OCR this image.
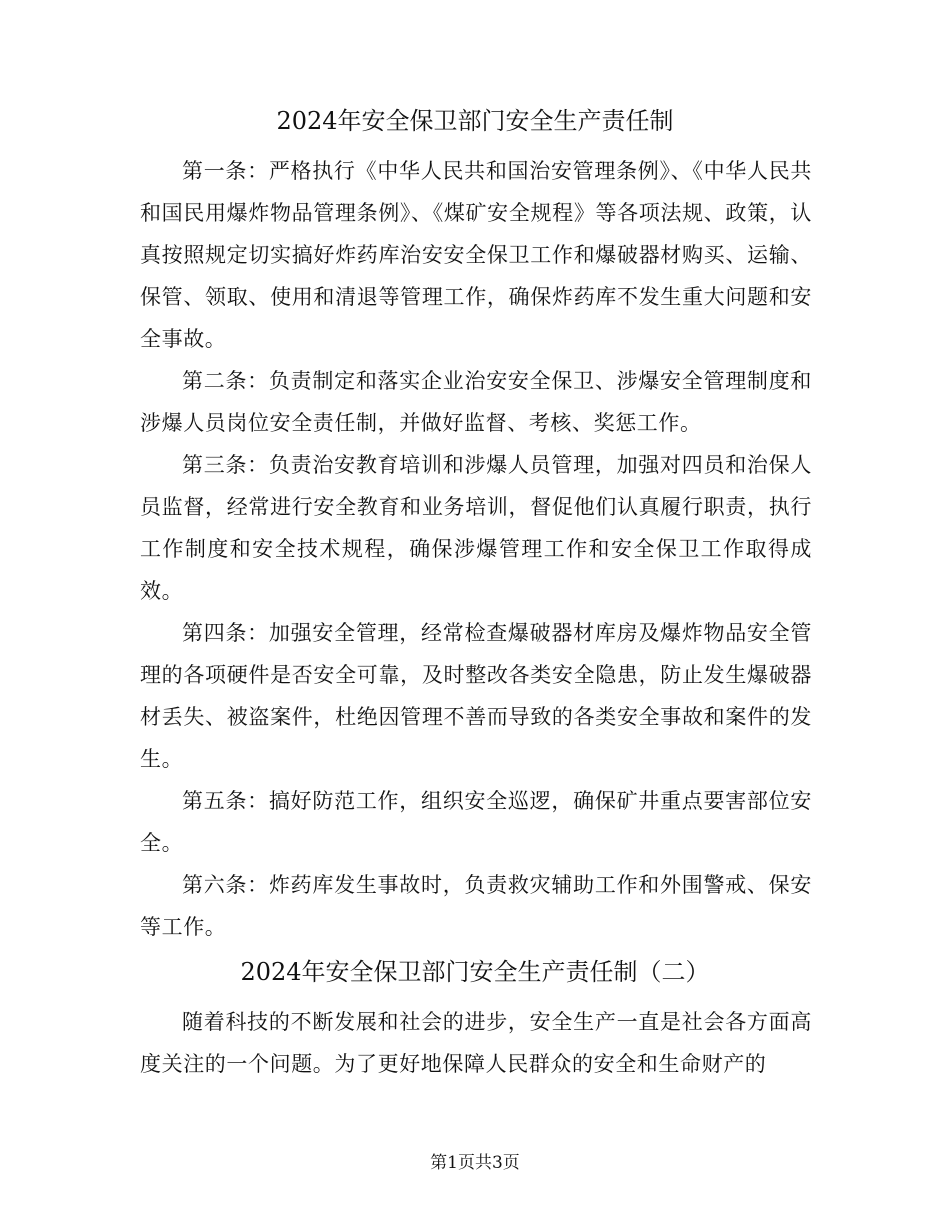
2024年安全保卫部门安全生产责任制

第一条：严格执行《中华人民共和国治安管理条例》、《中华人民共和国民用爆炸物品管理条例》、《煤矿安全规程》等各项法规、政策，认真按照规定切实搞好炸药库治安安全保卫工作和爆破器材购买、运输、保管、领取、使用和清退等管理工作，确保炸药库不发生重大问题和安全事故。

第二条：负责制定和落实企业治安安全保卫、涉爆安全管理制度和涉爆人员岗位安全责任制，并做好监督、考核、奖惩工作。

第三条：负责治安教育培训和涉爆人员管理，加强对四员和治保人员监督，经常进行安全教育和业务培训，督促他们认真履行职责，执行工作制度和安全技术规程，确保涉爆管理工作和安全保卫工作取得成效。

第四条：加强安全管理，经常检查爆破器材库房及爆炸物品安全管理的各项硬件是否安全可靠，及时整改各类安全隐患，防止发生爆破器材丢失、被盗案件，杜绝因管理不善而导致的各类安全事故和案件的发生。

第五条：搞好防范工作，组织安全巡逻，确保矿井重点要害部位安全。

第六条：炸药库发生事故时，负责救灾辅助工作和外围警戒、保安等工作。

2024年安全保卫部门安全生产责任制（二）

随着科技的不断发展和社会的进步，安全生产一直是社会各方面高度关注的一个问题。为了更好地保障人民群众的安全和生命财产的

第1页共3页
